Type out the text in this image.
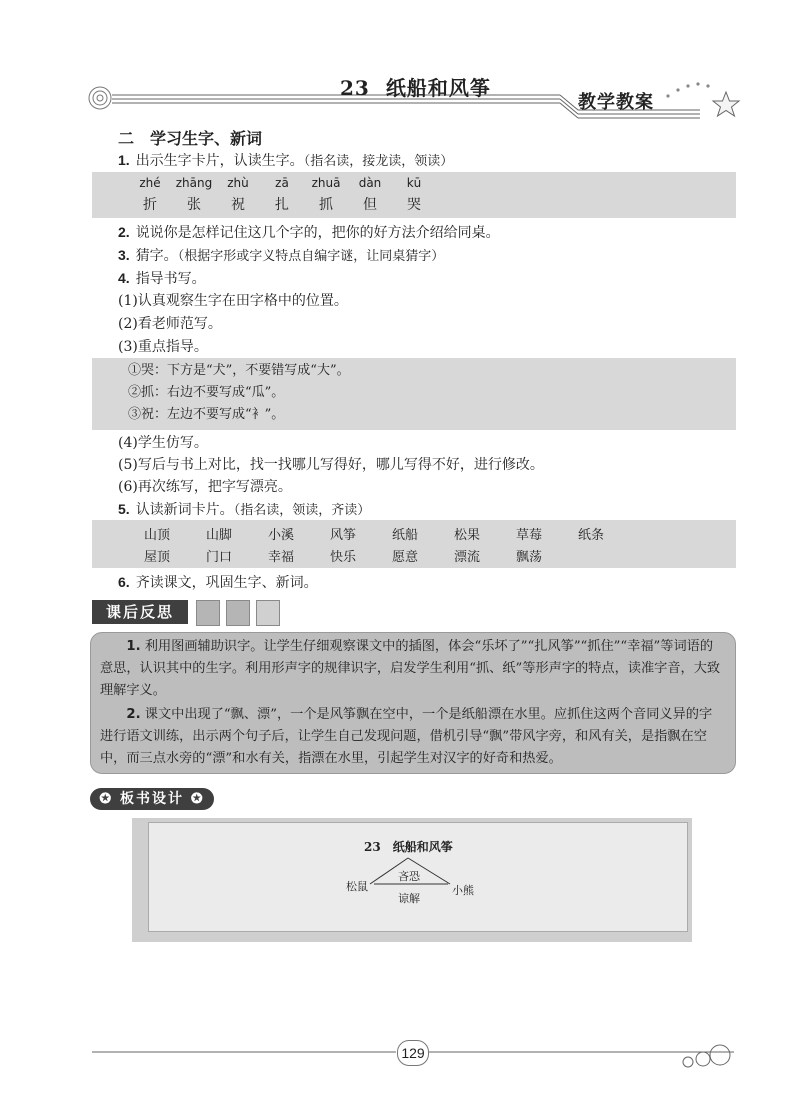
23 纸船和风筝
教学教案
二　学习生字、新词
1. 出示生字卡片，认读生字。（指名读，接龙读，领读）
zhé zhāng zhù zā zhuā dàn kū
折 张 祝 扎 抓 但 哭
2. 说说你是怎样记住这几个字的，把你的好方法介绍给同桌。
3. 猜字。（根据字形或字义特点自编字谜，让同桌猜字）
4. 指导书写。
(1)认真观察生字在田字格中的位置。
(2)看老师范写。
(3)重点指导。
①哭：下方是“犬”，不要错写成“大”。
②抓：右边不要写成“瓜”。
③祝：左边不要写成“衤”。
(4)学生仿写。
(5)写后与书上对比，找一找哪儿写得好，哪儿写得不好，进行修改。
(6)再次练写，把字写漂亮。
5. 认读新词卡片。（指名读，领读，齐读）
山顶	山脚	小溪	风筝	纸船	松果	草莓	纸条
屋顶	门口	幸福	快乐	愿意	漂流	飘荡
6. 齐读课文，巩固生字、新词。
课后反思
1. 利用图画辅助识字。让学生仔细观察课文中的插图，体会“乐坏了”“扎风筝”“抓住”“幸福”等词语的意思，认识其中的生字。利用形声字的规律识字，启发学生利用“抓、纸”等形声字的特点，读准字音，大致理解字义。
2. 课文中出现了“飘、漂”，一个是风筝飘在空中，一个是纸船漂在水里。应抓住这两个音同义异的字进行语文训练，出示两个句子后，让学生自己发现问题，借机引导“飘”带风字旁，和风有关，是指飘在空中，而三点水旁的“漂”和水有关，指漂在水里，引起学生对汉字的好奇和热爱。
✪ 板书设计 ✪
23　纸船和风筝
松鼠	小熊
吝恐
谅解
129
